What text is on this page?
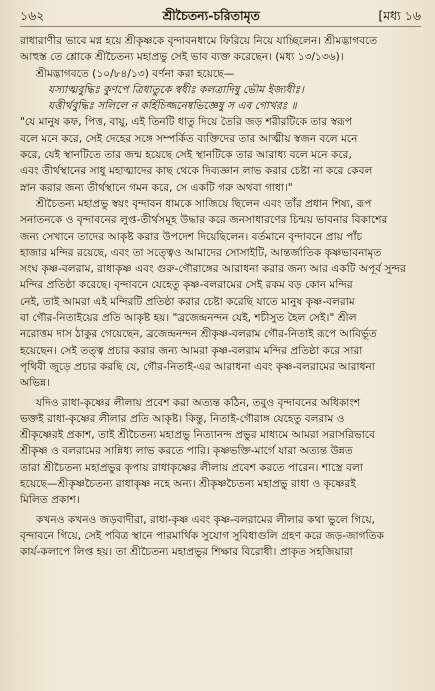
১৬২	শ্রীচৈতন্য-চরিতামৃত	[মধ্য ১৬
রাধারাণীর ভাবে মগ্ন হয়ে শ্রীকৃষ্ণকে বৃন্দাবনধামে ফিরিয়ে নিয়ে যাচ্ছিলেন। শ্রীমদ্ভাগবতে
আহুস্ত তে শ্লোকে শ্রীচৈতন্য মহাপ্রভু সেই ভাব ব্যক্ত করেছেন। (মধ্য ১৩/১৩৬)।
শ্রীমদ্ভাগবতে (১০/৮৪/১৩) বর্ণনা করা হয়েছে—
যস্যাত্মবুদ্ধিঃ কুণপে ত্রিধাতুকে স্বধীঃ কলত্রাদিষু ভৌম ইজ্যধীঃ।
যত্তীর্থবুদ্ধিঃ সলিলে ন কর্হিচিজ্জনেষ্বভিজ্ঞেষু স এব গোখরঃ ॥
"যে মানুষ কফ, পিত্ত, বায়ু, এই তিনটি ধাতু দিয়ে তৈরি জড় শরীরটিকে তার স্বরূপ
বলে মনে করে, সেই দেহের সঙ্গে সম্পর্কিত ব্যক্তিদের তার আত্মীয় স্বজন বলে মনে
করে, যেই স্থানটিতে তার জন্ম হয়েছে সেই স্থানটিকে তার আরাধ্য বলে মনে করে,
এবং তীর্থস্থানের সাধু মহাত্মাদের কাছ থেকে দিব্যজ্ঞান লাভ করার চেষ্টা না করে কেবল
স্নান করার জন্য তীর্থস্থানে গমন করে, সে একটি গরু অথবা গাধা।"
শ্রীচৈতন্য মহাপ্রভু স্বয়ং বৃন্দাবন ধামকে সাজিয়ে ছিলেন এবং তাঁর প্রধান শিষ্য, রূপ
সনাতনকে ও বৃন্দাবনের লুপ্ত-তীর্থসমূহ উদ্ধার করে জনসাধারণের চিন্ময় ভাবনার বিকাশের
জন্য সেখানে তাদের আকৃষ্ট করার উপদেশ দিয়েছিলেন। বর্তমানে বৃন্দাবনে প্রায় পাঁচ
হাজার মন্দির রয়েছে, এবং তা সত্ত্বেও আমাদের সোসাইটি, আন্তর্জাতিক কৃষ্ণভাবনামৃত
সংঘ কৃষ্ণ-বলরাম, রাধাকৃষ্ণ এবং গুরু-গৌরাঙ্গের আরাধনা করার জন্য আর একটি অপূর্ব সুন্দর
মন্দির প্রতিষ্ঠা করেছে। বৃন্দাবনে যেহেতু কৃষ্ণ-বলরামের সেই রকম বড় কোন মন্দির
নেই, তাই আমরা এই মন্দিরটি প্রতিষ্ঠা করার চেষ্টা করেছি যাতে মানুষ কৃষ্ণ-বলরাম
বা গৌর-নিতাইয়ের প্রতি আকৃষ্ট হয়। "ব্রজেন্দ্রনন্দন যেই, শচীসুত হৈল সেই।" শ্রীল
নরোত্তম দাস ঠাকুর গেয়েছেন, ব্রজেন্দ্রনন্দন শ্রীকৃষ্ণ-বলরাম গৌর-নিতাই রূপে আবির্ভূত
হয়েছেন। সেই তত্ত্ব প্রচার করার জন্য আমরা কৃষ্ণ-বলরাম মন্দির প্রতিষ্ঠা করে সারা
পৃথিবী জুড়ে প্রচার করছি যে, গৌর-নিতাই-এর আরাধনা এবং কৃষ্ণ-বলরামের আরাধনা
অভিন্ন।
যদিও রাধা-কৃষ্ণের লীলায় প্রবেশ করা অত্যন্ত কঠিন, তবুও বৃন্দাবনের অধিকাংশ
ভক্তই রাধা-কৃষ্ণের লীলার প্রতি আকৃষ্ট। কিন্তু, নিতাই-গৌরাঙ্গ যেহেতু বলরাম ও
শ্রীকৃষ্ণেরই প্রকাশ, তাই শ্রীচৈতন্য মহাপ্রভু নিত্যানন্দ প্রভুর মাধ্যমে আমরা সরাসরিভাবে
শ্রীকৃষ্ণ ও বলরামের সান্নিধ্য লাভ করতে পারি। কৃষ্ণভক্তি-মার্গে যারা অত্যন্ত উন্নত
তারা শ্রীচৈতন্য মহাপ্রভুর কৃপায় রাধাকৃষ্ণের লীলায় প্রবেশ করতে পারেন। শাস্ত্রে বলা
হয়েছে—শ্রীকৃষ্ণচৈতন্য রাধাকৃষ্ণ নহে অন্য। শ্রীকৃষ্ণচৈতন্য মহাপ্রভু রাধা ও কৃষ্ণেরই
মিলিত প্রকাশ।
কখনও কখনও জড়বাদীরা, রাধা-কৃষ্ণ এবং কৃষ্ণ-বলরামের লীলার কথা ভুলে গিয়ে,
বৃন্দাবনে গিয়ে, সেই পবিত্র স্থানে পারমার্থিক সুযোগ সুবিধাগুলি গ্রহণ করে জড়-জাগতিক
কার্য-কলাপে লিপ্ত হয়। তা শ্রীচৈতন্য মহাপ্রভুর শিক্ষার বিরোধী। প্রাকৃত সহজিয়ারা
